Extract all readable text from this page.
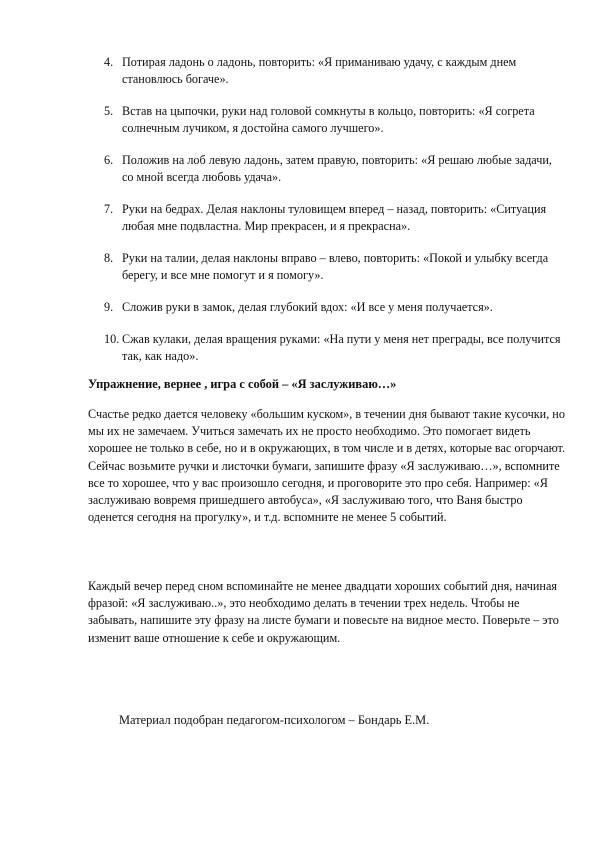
4. Потирая ладонь о ладонь, повторить: «Я приманиваю удачу, с каждым днем становлюсь богаче».
5. Встав на цыпочки, руки над головой сомкнуты в кольцо, повторить: «Я согрета солнечным лучиком, я достойна самого лучшего».
6. Положив на лоб левую ладонь, затем правую, повторить: «Я решаю любые задачи, со мной всегда любовь удача».
7. Руки на бедрах. Делая наклоны туловищем вперед – назад, повторить: «Ситуация любая мне подвластна. Мир прекрасен, и я прекрасна».
8. Руки на талии, делая наклоны вправо – влево, повторить: «Покой и улыбку всегда берегу, и все мне помогут и я помогу».
9. Сложив руки в замок, делая глубокий вдох: «И все у меня получается».
10. Сжав кулаки, делая вращения руками: «На пути у меня нет преграды, все получится так, как надо».
Упражнение, вернее , игра с собой – «Я заслуживаю…»

Счастье редко дается человеку «большим куском», в течении дня бывают такие кусочки, но мы их не замечаем. Учиться замечать их не просто необходимо. Это помогает видеть хорошее не только в себе, но и в окружающих, в том числе и в детях, которые вас огорчают. Сейчас возьмите ручки и листочки бумаги, запишите фразу «Я заслуживаю…», вспомните все то хорошее, что у вас произошло сегодня, и проговорите это про себя. Например: «Я заслуживаю вовремя пришедшего автобуса», «Я заслуживаю того, что Ваня быстро оденется сегодня на прогулку», и т.д. вспомните не менее 5 событий.

Каждый вечер перед сном вспоминайте не менее двадцати хороших событий дня, начиная фразой: «Я заслуживаю..», это необходимо делать в течении трех недель. Чтобы не забывать, напишите эту фразу на листе бумаги и повесьте на видное место. Поверьте – это изменит ваше отношение к себе и окружающим.

Материал подобран педагогом-психологом – Бондарь Е.М.
